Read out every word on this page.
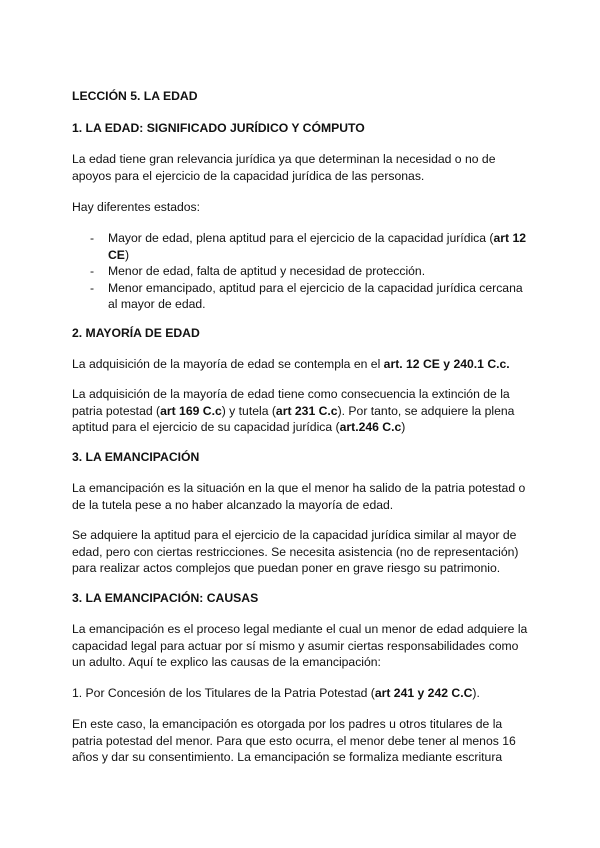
LECCIÓN 5. LA EDAD
1. LA EDAD: SIGNIFICADO JURÍDICO Y CÓMPUTO

La edad tiene gran relevancia jurídica ya que determinan la necesidad o no de apoyos para el ejercicio de la capacidad jurídica de las personas.

Hay diferentes estados:

- Mayor de edad, plena aptitud para el ejercicio de la capacidad jurídica (art 12 CE)
- Menor de edad, falta de aptitud y necesidad de protección.
- Menor emancipado, aptitud para el ejercicio de la capacidad jurídica cercana al mayor de edad.
2. MAYORÍA DE EDAD

La adquisición de la mayoría de edad se contempla en el art. 12 CE y 240.1 C.c.

La adquisición de la mayoría de edad tiene como consecuencia la extinción de la patria potestad (art 169 C.c) y tutela (art 231 C.c). Por tanto, se adquiere la plena aptitud para el ejercicio de su capacidad jurídica (art.246 C.c)

3. LA EMANCIPACIÓN

La emancipación es la situación en la que el menor ha salido de la patria potestad o de la tutela pese a no haber alcanzado la mayoría de edad.

Se adquiere la aptitud para el ejercicio de la capacidad jurídica similar al mayor de edad, pero con ciertas restricciones. Se necesita asistencia (no de representación) para realizar actos complejos que puedan poner en grave riesgo su patrimonio.

3. LA EMANCIPACIÓN: CAUSAS

La emancipación es el proceso legal mediante el cual un menor de edad adquiere la capacidad legal para actuar por sí mismo y asumir ciertas responsabilidades como un adulto. Aquí te explico las causas de la emancipación:

1. Por Concesión de los Titulares de la Patria Potestad (art 241 y 242 C.C).

En este caso, la emancipación es otorgada por los padres u otros titulares de la patria potestad del menor. Para que esto ocurra, el menor debe tener al menos 16 años y dar su consentimiento. La emancipación se formaliza mediante escritura
